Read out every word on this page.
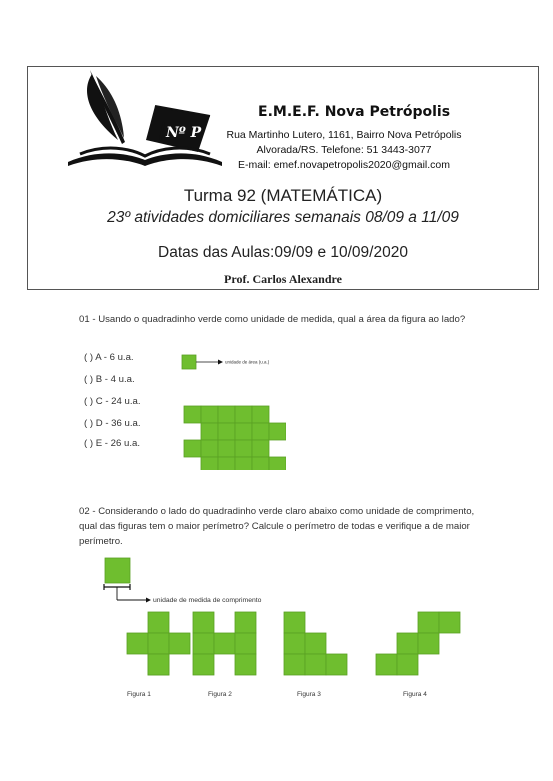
Nº P
E.M.E.F. Nova Petrópolis
Rua Martinho Lutero, 1161, Bairro Nova Petrópolis
Alvorada/RS. Telefone: 51 3443-3077
E-mail: emef.novapetropolis2020@gmail.com
Turma 92 (MATEMÁTICA)
23º atividades domiciliares semanais 08/09 a 11/09
Datas das Aulas:09/09 e 10/09/2020
Prof. Carlos Alexandre
01 - Usando o quadradinho verde como unidade de medida, qual a área da figura ao lado?
( ) A - 6 u.a.
( ) B - 4 u.a.
( ) C - 24 u.a.
( ) D - 36 u.a.
( ) E - 26 u.a.
unidade de área (u.a.)
02 - Considerando o lado do quadradinho verde claro abaixo como unidade de comprimento,
qual das figuras tem o maior perímetro? Calcule o perímetro de todas e verifique a de maior
perímetro.
unidade de medida de comprimento
Figura 1	Figura 2	Figura 3	Figura 4
